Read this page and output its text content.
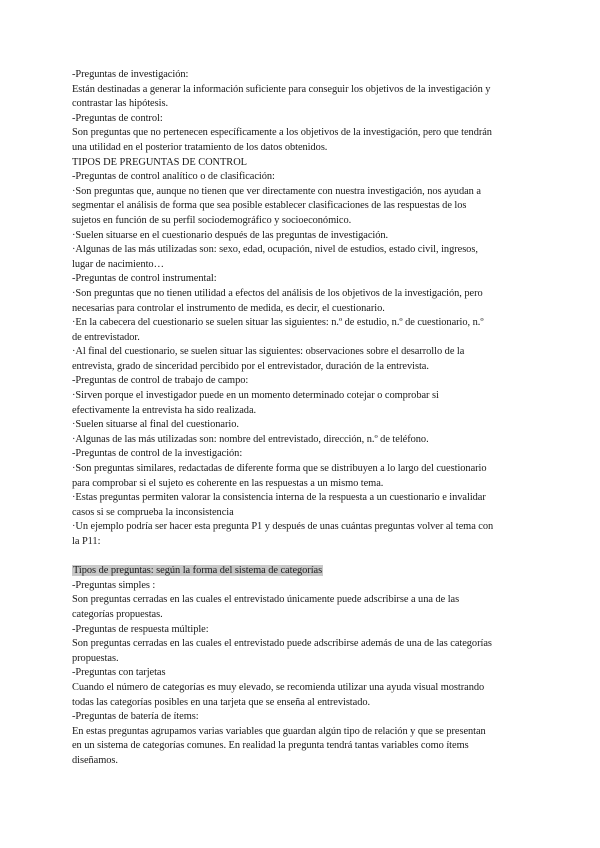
-Preguntas de investigación:
Están destinadas a generar la información suficiente para conseguir los objetivos de la investigación y
contrastar las hipótesis.
-Preguntas de control:
Son preguntas que no pertenecen específicamente a los objetivos de la investigación, pero que tendrán
una utilidad en el posterior tratamiento de los datos obtenidos.
TIPOS DE PREGUNTAS DE CONTROL
-Preguntas de control analítico o de clasificación:
·Son preguntas que, aunque no tienen que ver directamente con nuestra investigación, nos ayudan a
segmentar el análisis de forma que sea posible establecer clasificaciones de las respuestas de los
sujetos en función de su perfil sociodemográfico y socioeconómico.
·Suelen situarse en el cuestionario después de las preguntas de investigación.
·Algunas de las más utilizadas son: sexo, edad, ocupación, nivel de estudios, estado civil, ingresos,
lugar de nacimiento…
-Preguntas de control instrumental:
·Son preguntas que no tienen utilidad a efectos del análisis de los objetivos de la investigación, pero
necesarias para controlar el instrumento de medida, es decir, el cuestionario.
·En la cabecera del cuestionario se suelen situar las siguientes: n.º de estudio, n.º de cuestionario, n.º
de entrevistador.
·Al final del cuestionario, se suelen situar las siguientes: observaciones sobre el desarrollo de la
entrevista, grado de sinceridad percibido por el entrevistador, duración de la entrevista.
-Preguntas de control de trabajo de campo:
·Sirven porque el investigador puede en un momento determinado cotejar o comprobar si
efectivamente la entrevista ha sido realizada.
·Suelen situarse al final del cuestionario.
·Algunas de las más utilizadas son: nombre del entrevistado, dirección, n.º de teléfono.
-Preguntas de control de la investigación:
·Son preguntas similares, redactadas de diferente forma que se distribuyen a lo largo del cuestionario
para comprobar si el sujeto es coherente en las respuestas a un mismo tema.
·Estas preguntas permiten valorar la consistencia interna de la respuesta a un cuestionario e invalidar
casos si se comprueba la inconsistencia
·Un ejemplo podría ser hacer esta pregunta P1 y después de unas cuántas preguntas volver al tema con
la P11:
Tipos de preguntas: según la forma del sistema de categorías
-Preguntas simples :
Son preguntas cerradas en las cuales el entrevistado únicamente puede adscribirse a una de las
categorías propuestas.
-Preguntas de respuesta múltiple:
Son preguntas cerradas en las cuales el entrevistado puede adscribirse además de una de las categorías
propuestas.
-Preguntas con tarjetas
Cuando el número de categorías es muy elevado, se recomienda utilizar una ayuda visual mostrando
todas las categorías posibles en una tarjeta que se enseña al entrevistado.
-Preguntas de batería de ítems:
En estas preguntas agrupamos varias variables que guardan algún tipo de relación y que se presentan
en un sistema de categorías comunes. En realidad la pregunta tendrá tantas variables como ítems
diseñamos.
